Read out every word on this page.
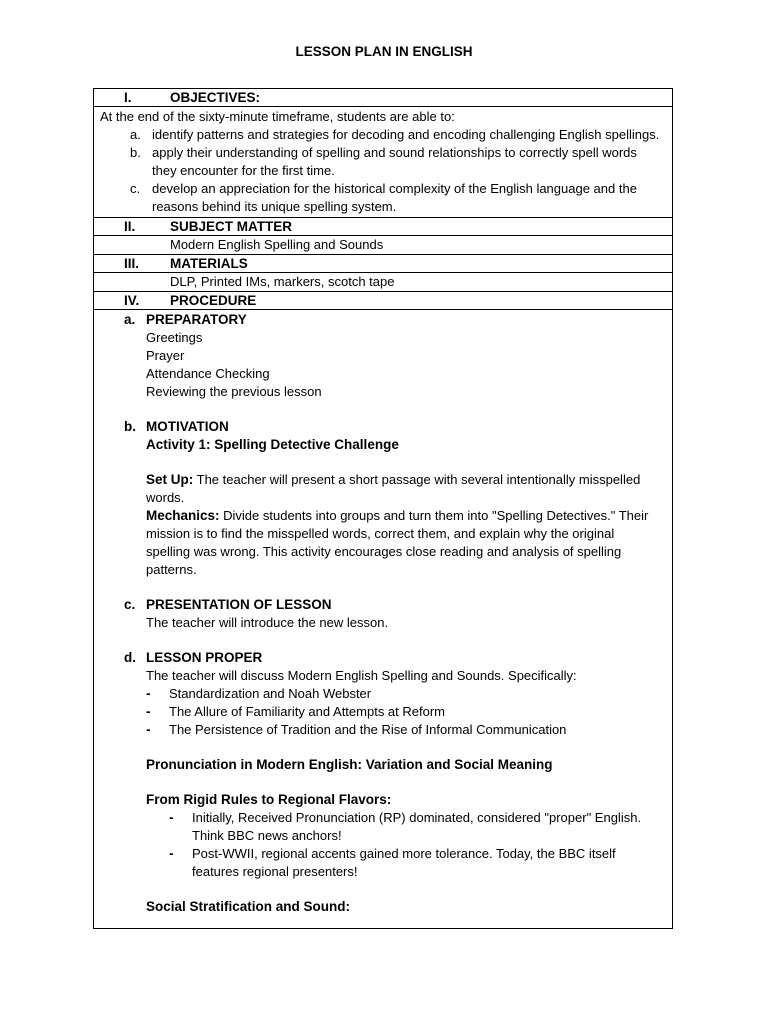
LESSON PLAN IN ENGLISH
I.	OBJECTIVES:
At the end of the sixty-minute timeframe, students are able to:
a. identify patterns and strategies for decoding and encoding challenging English spellings.
b. apply their understanding of spelling and sound relationships to correctly spell words they encounter for the first time.
c. develop an appreciation for the historical complexity of the English language and the reasons behind its unique spelling system.
II.	SUBJECT MATTER
Modern English Spelling and Sounds
III. MATERIALS
DLP, Printed IMs, markers, scotch tape
IV. PROCEDURE
a. PREPARATORY
Greetings
Prayer
Attendance Checking
Reviewing the previous lesson
b. MOTIVATION
Activity 1: Spelling Detective Challenge
Set Up: The teacher will present a short passage with several intentionally misspelled words.
Mechanics: Divide students into groups and turn them into "Spelling Detectives." Their mission is to find the misspelled words, correct them, and explain why the original spelling was wrong. This activity encourages close reading and analysis of spelling patterns.
c. PRESENTATION OF LESSON
The teacher will introduce the new lesson.
d. LESSON PROPER
The teacher will discuss Modern English Spelling and Sounds. Specifically:
- Standardization and Noah Webster
- The Allure of Familiarity and Attempts at Reform
- The Persistence of Tradition and the Rise of Informal Communication
Pronunciation in Modern English: Variation and Social Meaning
From Rigid Rules to Regional Flavors:
- Initially, Received Pronunciation (RP) dominated, considered "proper" English. Think BBC news anchors!
- Post-WWII, regional accents gained more tolerance. Today, the BBC itself features regional presenters!
Social Stratification and Sound:
